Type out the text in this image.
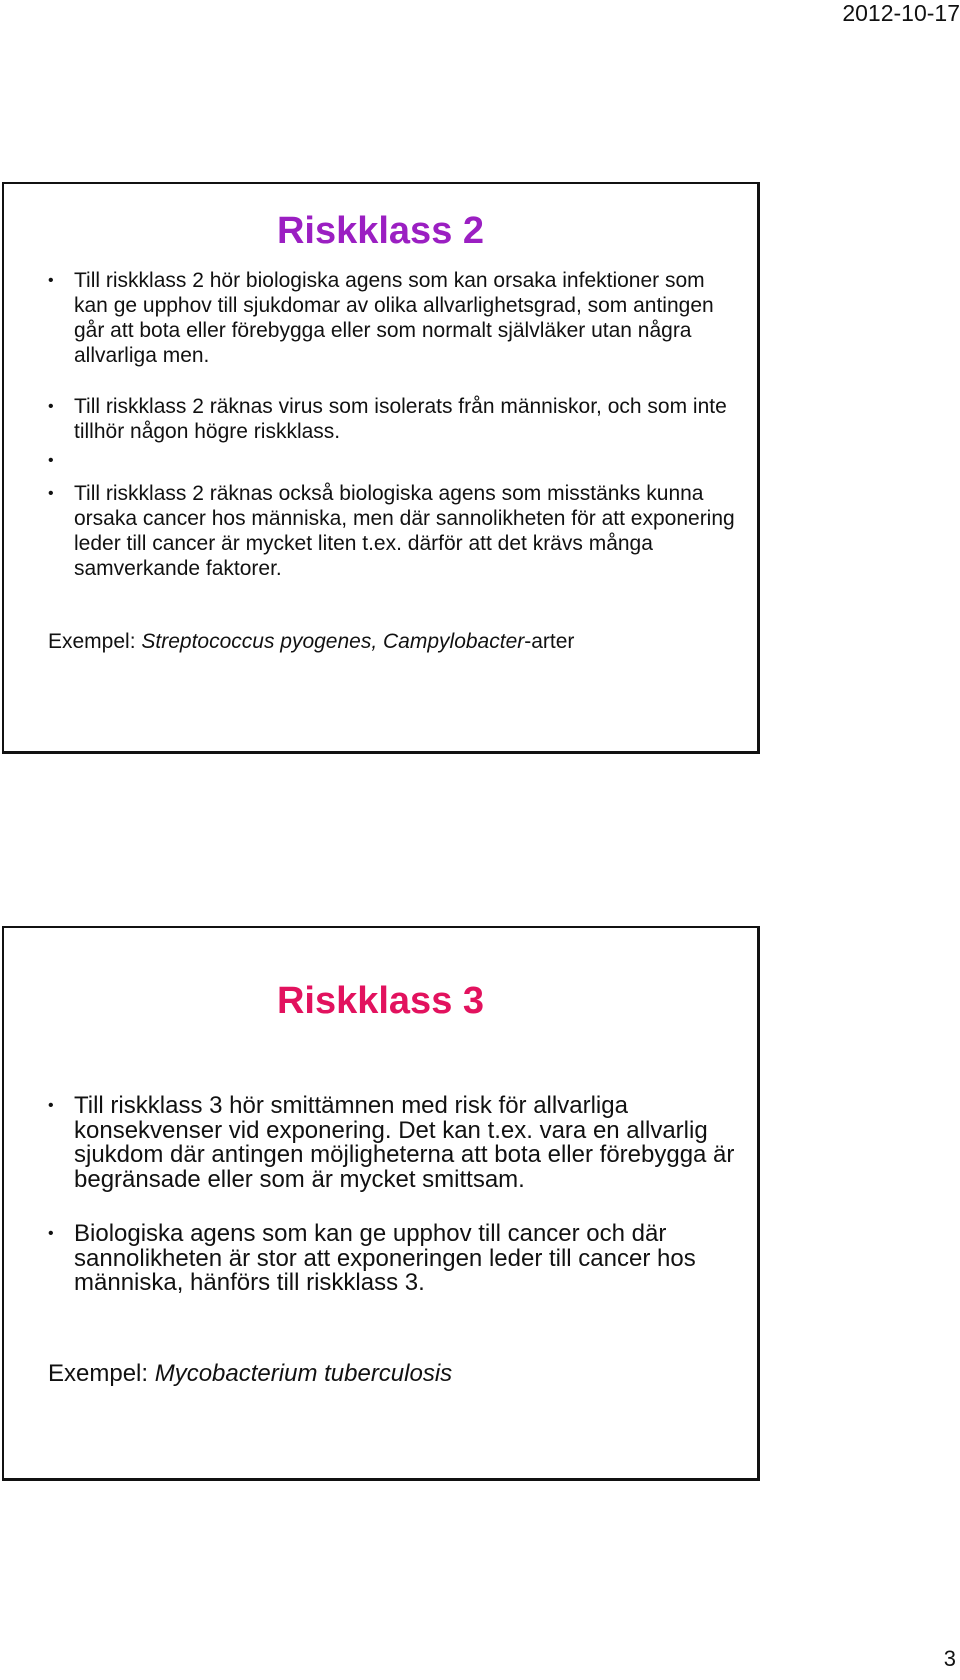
2012-10-17
Riskklass 2
• Till riskklass 2 hör biologiska agens som kan orsaka infektioner som kan ge upphov till sjukdomar av olika allvarlighetsgrad, som antingen går att bota eller förebygga eller som normalt självläker utan några allvarliga men.
• Till riskklass 2 räknas virus som isolerats från människor, och som inte tillhör någon högre riskklass.
•
• Till riskklass 2 räknas också biologiska agens som misstänks kunna orsaka cancer hos människa, men där sannolikheten för att exponering leder till cancer är mycket liten t.ex. därför att det krävs många samverkande faktorer.

Exempel: Streptococcus pyogenes, Campylobacter-arter

Riskklass 3
• Till riskklass 3 hör smittämnen med risk för allvarliga konsekvenser vid exponering. Det kan t.ex. vara en allvarlig sjukdom där antingen möjligheterna att bota eller förebygga är begränsade eller som är mycket smittsam.
• Biologiska agens som kan ge upphov till cancer och där sannolikheten är stor att exponeringen leder till cancer hos människa, hänförs till riskklass 3.

Exempel: Mycobacterium tuberculosis

3
